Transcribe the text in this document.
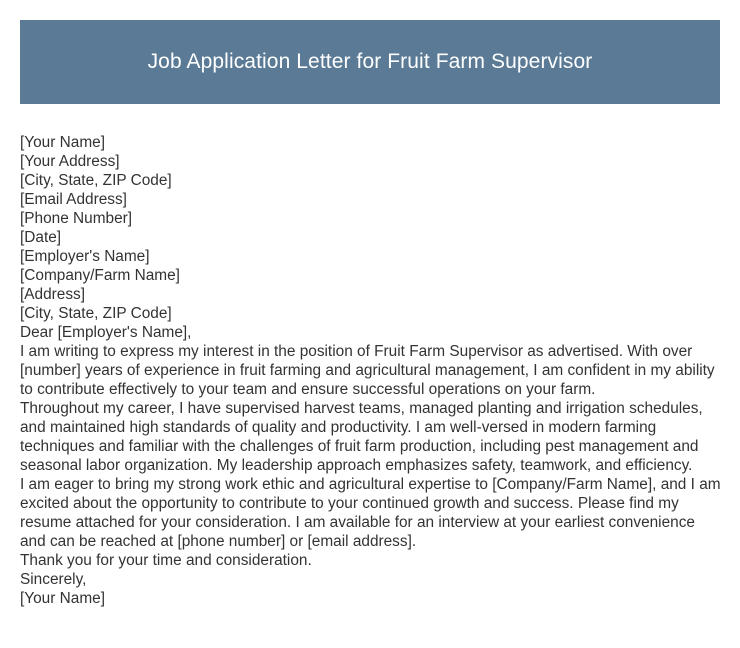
Job Application Letter for Fruit Farm Supervisor
[Your Name]
[Your Address]
[City, State, ZIP Code]
[Email Address]
[Phone Number]
[Date]
[Employer's Name]
[Company/Farm Name]
[Address]
[City, State, ZIP Code]
Dear [Employer's Name],
I am writing to express my interest in the position of Fruit Farm Supervisor as advertised. With over [number] years of experience in fruit farming and agricultural management, I am confident in my ability to contribute effectively to your team and ensure successful operations on your farm.
Throughout my career, I have supervised harvest teams, managed planting and irrigation schedules, and maintained high standards of quality and productivity. I am well-versed in modern farming techniques and familiar with the challenges of fruit farm production, including pest management and seasonal labor organization. My leadership approach emphasizes safety, teamwork, and efficiency.
I am eager to bring my strong work ethic and agricultural expertise to [Company/Farm Name], and I am excited about the opportunity to contribute to your continued growth and success. Please find my resume attached for your consideration. I am available for an interview at your earliest convenience and can be reached at [phone number] or [email address].
Thank you for your time and consideration.
Sincerely,
[Your Name]
